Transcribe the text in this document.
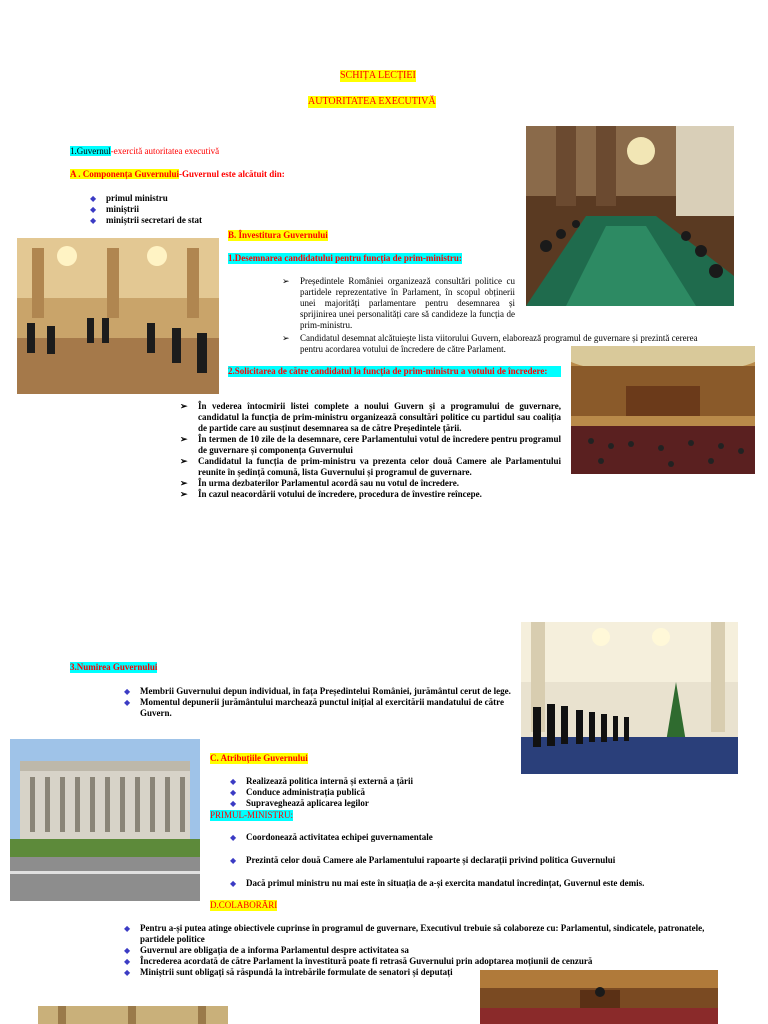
SCHIȚA LECȚIEI
AUTORITATEA EXECUTIVĂ
1.Guvernul-exercită autoritatea executivă
A . Componența Guvernului-Guvernul este alcătuit din:
◆ primul ministru
◆ miniștrii
◆ miniștrii secretari de stat
B. Învestitura Guvernului
1.Desemnarea candidatului pentru funcția de prim-ministru:
➢ Președintele României organizează consultări politice cu partidele reprezentative în Parlament, în scopul obținerii unei majorități parlamentare pentru desemnarea și sprijinirea unei personalități care să candideze la funcția de prim-ministru.
➢ Candidatul desemnat alcătuiește lista viitorului Guvern, elaborează programul de guvernare și prezintă cererea pentru acordarea votului de încredere de către Parlament.
2.Solicitarea de către candidatul la funcția de prim-ministru a votului de încredere:
➢ În vederea întocmirii listei complete a noului Guvern și a programului de guvernare, candidatul la funcția de prim-ministru organizează consultări politice cu partidul sau coaliția de partide care au susținut desemnarea sa de către Președintele țării.
➢ În termen de 10 zile de la desemnare, cere Parlamentului votul de încredere pentru programul de guvernare și componența Guvernului
➢ Candidatul la funcția de prim-ministru va prezenta celor două Camere ale Parlamentului reunite în ședință comună, lista Guvernului și programul de guvernare.
➢ În urma dezbaterilor Parlamentul acordă sau nu votul de încredere.
➢ În cazul neacordării votului de încredere, procedura de învestire reîncepe.
3.Numirea Guvernului
◆ Membrii Guvernului depun individual, în fața Președintelui României, jurământul cerut de lege.
◆ Momentul depunerii jurământului marchează punctul inițial al exercitării mandatului de către Guvern.
C. Atribuțiile Guvernului
◆ Realizează politica internă și externă a țării
◆ Conduce administrația publică
◆ Supraveghează aplicarea legilor
PRIMUL-MINISTRU:
◆ Coordonează activitatea echipei guvernamentale
◆ Prezintă celor două Camere ale Parlamentului rapoarte și declarații privind politica Guvernului
◆ Dacă primul ministru nu mai este în situația de a-și exercita mandatul încredințat, Guvernul este demis.
D.COLABORĂRI
◆ Pentru a-și putea atinge obiectivele cuprinse în programul de guvernare, Executivul trebuie să colaboreze cu: Parlamentul, sindicatele, patronatele, partidele politice
◆ Guvernul are obligația de a informa Parlamentul despre activitatea sa
◆ Încrederea acordată de către Parlament la învestitură poate fi retrasă Guvernului prin adoptarea moțiunii de cenzură
◆ Miniștrii sunt obligați să răspundă la întrebările formulate de senatori și deputați
